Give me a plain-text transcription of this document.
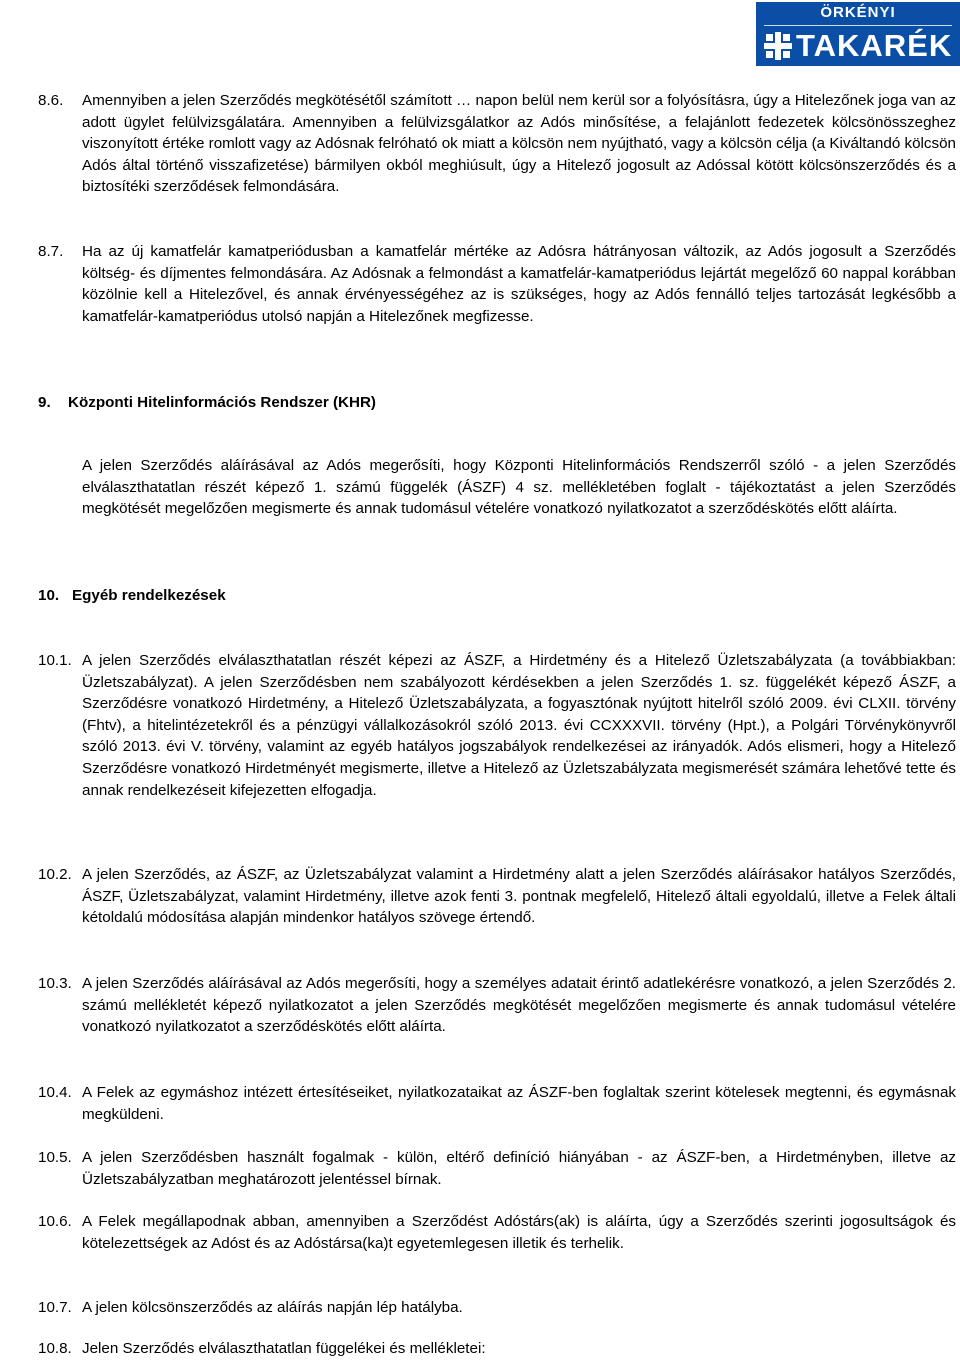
ÖRKÉNYI
TAKARÉK
8.6. Amennyiben a jelen Szerződés megkötésétől számított … napon belül nem kerül sor a folyósításra, úgy a Hitelezőnek joga van az adott ügylet felülvizsgálatára. Amennyiben a felülvizsgálatkor az Adós minősítése, a felajánlott fedezetek kölcsönösszeghez viszonyított értéke romlott vagy az Adósnak felróható ok miatt a kölcsön nem nyújtható, vagy a kölcsön célja (a Kiváltandó kölcsön Adós által történő visszafizetése) bármilyen okból meghiúsult, úgy a Hitelező jogosult az Adóssal kötött kölcsönszerződés és a biztosítéki szerződések felmondására.
8.7. Ha az új kamatfelár kamatperiódusban a kamatfelár mértéke az Adósra hátrányosan változik, az Adós jogosult a Szerződés költség- és díjmentes felmondására. Az Adósnak a felmondást a kamatfelár-kamatperiódus lejártát megelőző 60 nappal korábban közölnie kell a Hitelezővel, és annak érvényességéhez az is szükséges, hogy az Adós fennálló teljes tartozását legkésőbb a kamatfelár-kamatperiódus utolsó napján a Hitelezőnek megfizesse.
9. Központi Hitelinformációs Rendszer (KHR)
A jelen Szerződés aláírásával az Adós megerősíti, hogy Központi Hitelinformációs Rendszerről szóló - a jelen Szerződés elválaszthatatlan részét képező 1. számú függelék (ÁSZF) 4 sz. mellékletében foglalt - tájékoztatást a jelen Szerződés megkötését megelőzően megismerte és annak tudomásul vételére vonatkozó nyilatkozatot a szerződéskötés előtt aláírta.
10. Egyéb rendelkezések
10.1. A jelen Szerződés elválaszthatatlan részét képezi az ÁSZF, a Hirdetmény és a Hitelező Üzletszabályzata (a továbbiakban: Üzletszabályzat). A jelen Szerződésben nem szabályozott kérdésekben a jelen Szerződés 1. sz. függelékét képező ÁSZF, a Szerződésre vonatkozó Hirdetmény, a Hitelező Üzletszabályzata, a fogyasztónak nyújtott hitelről szóló 2009. évi CLXII. törvény (Fhtv), a hitelintézetekről és a pénzügyi vállalkozásokról szóló 2013. évi CCXXXVII. törvény (Hpt.), a Polgári Törvénykönyvről szóló 2013. évi V. törvény, valamint az egyéb hatályos jogszabályok rendelkezései az irányadók. Adós elismeri, hogy a Hitelező Szerződésre vonatkozó Hirdetményét megismerte, illetve a Hitelező az Üzletszabályzata megismerését számára lehetővé tette és annak rendelkezéseit kifejezetten elfogadja.
10.2. A jelen Szerződés, az ÁSZF, az Üzletszabályzat valamint a Hirdetmény alatt a jelen Szerződés aláírásakor hatályos Szerződés, ÁSZF, Üzletszabályzat, valamint Hirdetmény, illetve azok fenti 3. pontnak megfelelő, Hitelező általi egyoldalú, illetve a Felek általi kétoldalú módosítása alapján mindenkor hatályos szövege értendő.
10.3. A jelen Szerződés aláírásával az Adós megerősíti, hogy a személyes adatait érintő adatlekérésre vonatkozó, a jelen Szerződés 2. számú mellékletét képező nyilatkozatot a jelen Szerződés megkötését megelőzően megismerte és annak tudomásul vételére vonatkozó nyilatkozatot a szerződéskötés előtt aláírta.
10.4. A Felek az egymáshoz intézett értesítéseiket, nyilatkozataikat az ÁSZF-ben foglaltak szerint kötelesek megtenni, és egymásnak megküldeni.
10.5. A jelen Szerződésben használt fogalmak - külön, eltérő definíció hiányában - az ÁSZF-ben, a Hirdetményben, illetve az Üzletszabályzatban meghatározott jelentéssel bírnak.
10.6. A Felek megállapodnak abban, amennyiben a Szerződést Adóstárs(ak) is aláírta, úgy a Szerződés szerinti jogosultságok és kötelezettségek az Adóst és az Adóstársa(ka)t egyetemlegesen illetik és terhelik.
10.7. A jelen kölcsönszerződés az aláírás napján lép hatályba.
10.8. Jelen Szerződés elválaszthatatlan függelékei és mellékletei:
